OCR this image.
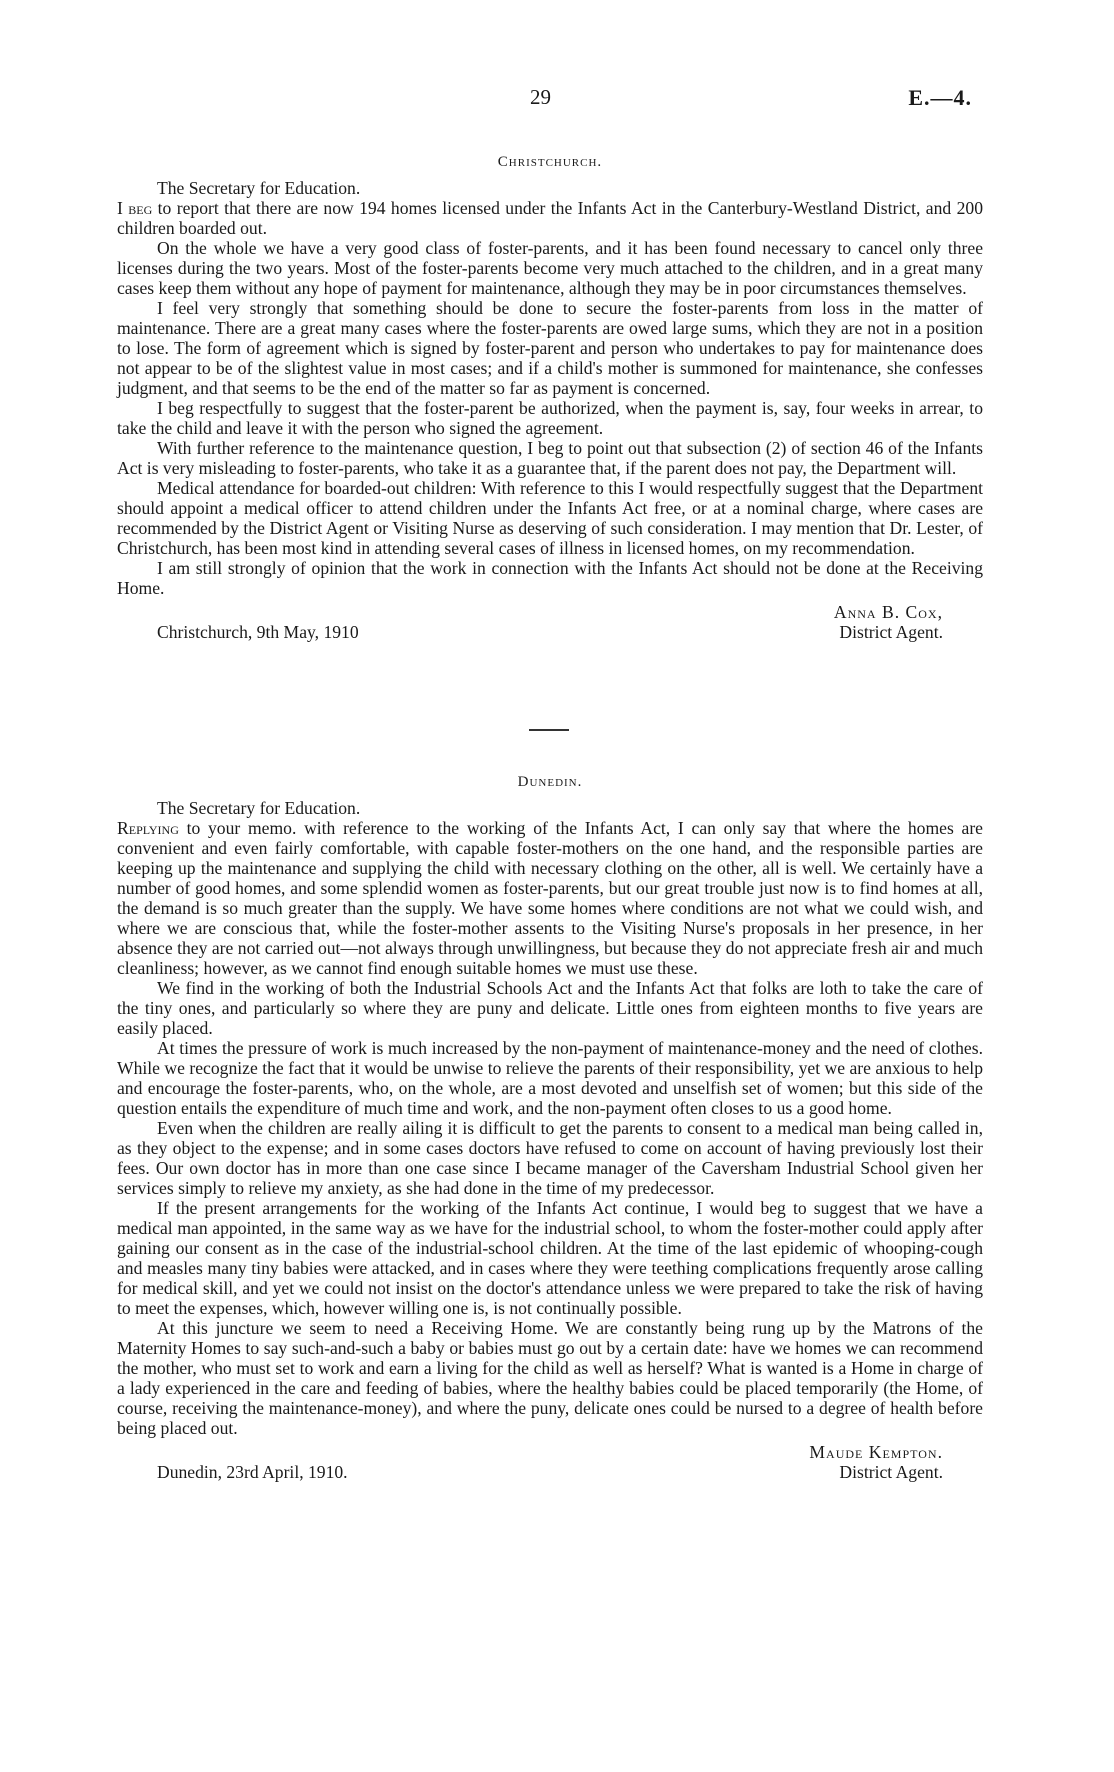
29	E.—4.
Christchurch.
The Secretary for Education.

I beg to report that there are now 194 homes licensed under the Infants Act in the Canterbury-Westland District, and 200 children boarded out.

On the whole we have a very good class of foster-parents, and it has been found necessary to cancel only three licenses during the two years. Most of the foster-parents become very much attached to the children, and in a great many cases keep them without any hope of payment for maintenance, although they may be in poor circumstances themselves.

I feel very strongly that something should be done to secure the foster-parents from loss in the matter of maintenance. There are a great many cases where the foster-parents are owed large sums, which they are not in a position to lose. The form of agreement which is signed by foster-parent and person who undertakes to pay for maintenance does not appear to be of the slightest value in most cases; and if a child's mother is summoned for maintenance, she confesses judgment, and that seems to be the end of the matter so far as payment is concerned.

I beg respectfully to suggest that the foster-parent be authorized, when the payment is, say, four weeks in arrear, to take the child and leave it with the person who signed the agreement.

With further reference to the maintenance question, I beg to point out that subsection (2) of section 46 of the Infants Act is very misleading to foster-parents, who take it as a guarantee that, if the parent does not pay, the Department will.

Medical attendance for boarded-out children: With reference to this I would respectfully suggest that the Department should appoint a medical officer to attend children under the Infants Act free, or at a nominal charge, where cases are recommended by the District Agent or Visiting Nurse as deserving of such consideration. I may mention that Dr. Lester, of Christchurch, has been most kind in attending several cases of illness in licensed homes, on my recommendation.

I am still strongly of opinion that the work in connection with the Infants Act should not be done at the Receiving Home.

Anna B. Cox,
District Agent.
Christchurch, 9th May, 1910
Dunedin.
The Secretary for Education.

Replying to your memo. with reference to the working of the Infants Act, I can only say that where the homes are convenient and even fairly comfortable, with capable foster-mothers on the one hand, and the responsible parties are keeping up the maintenance and supplying the child with necessary clothing on the other, all is well. We certainly have a number of good homes, and some splendid women as foster-parents, but our great trouble just now is to find homes at all, the demand is so much greater than the supply. We have some homes where conditions are not what we could wish, and where we are conscious that, while the foster-mother assents to the Visiting Nurse's proposals in her presence, in her absence they are not carried out—not always through unwillingness, but because they do not appreciate fresh air and much cleanliness; however, as we cannot find enough suitable homes we must use these.

We find in the working of both the Industrial Schools Act and the Infants Act that folks are loth to take the care of the tiny ones, and particularly so where they are puny and delicate. Little ones from eighteen months to five years are easily placed.

At times the pressure of work is much increased by the non-payment of maintenance-money and the need of clothes. While we recognize the fact that it would be unwise to relieve the parents of their responsibility, yet we are anxious to help and encourage the foster-parents, who, on the whole, are a most devoted and unselfish set of women; but this side of the question entails the expenditure of much time and work, and the non-payment often closes to us a good home.

Even when the children are really ailing it is difficult to get the parents to consent to a medical man being called in, as they object to the expense; and in some cases doctors have refused to come on account of having previously lost their fees. Our own doctor has in more than one case since I became manager of the Caversham Industrial School given her services simply to relieve my anxiety, as she had done in the time of my predecessor.

If the present arrangements for the working of the Infants Act continue, I would beg to suggest that we have a medical man appointed, in the same way as we have for the industrial school, to whom the foster-mother could apply after gaining our consent as in the case of the industrial-school children. At the time of the last epidemic of whooping-cough and measles many tiny babies were attacked, and in cases where they were teething complications frequently arose calling for medical skill, and yet we could not insist on the doctor's attendance unless we were prepared to take the risk of having to meet the expenses, which, however willing one is, is not continually possible.

At this juncture we seem to need a Receiving Home. We are constantly being rung up by the Matrons of the Maternity Homes to say such-and-such a baby or babies must go out by a certain date: have we homes we can recommend the mother, who must set to work and earn a living for the child as well as herself? What is wanted is a Home in charge of a lady experienced in the care and feeding of babies, where the healthy babies could be placed temporarily (the Home, of course, receiving the maintenance-money), and where the puny, delicate ones could be nursed to a degree of health before being placed out.

Maude Kempton.
District Agent.
Dunedin, 23rd April, 1910.
